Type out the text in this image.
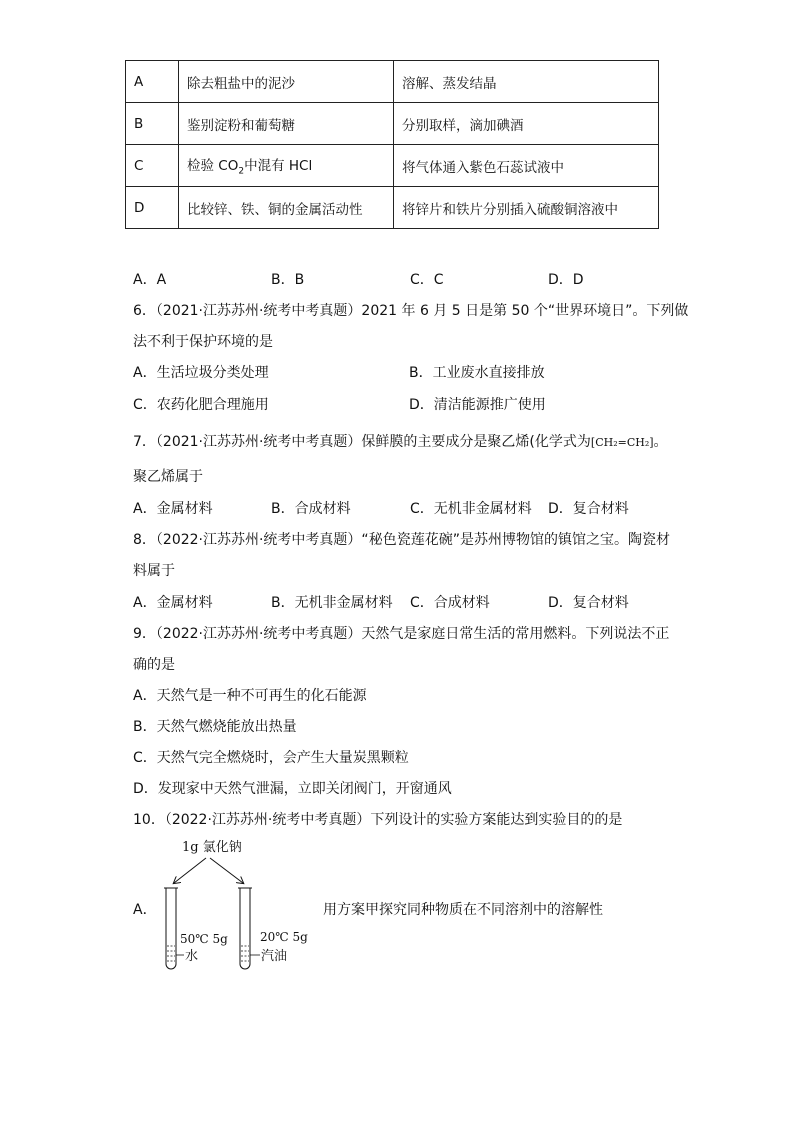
A	除去粗盐中的泥沙	溶解、蒸发结晶
B	鉴别淀粉和葡萄糖	分别取样，滴加碘酒
C	检验 $CO_2$中混有 HCl	将气体通入紫色石蕊试液中
D	比较锌、铁、铜的金属活动性	将锌片和铁片分别插入硫酸铜溶液中
A．A	B．B	C．C	D．D
6．（2021·江苏苏州·统考中考真题）2021 年 6 月 5 日是第 50 个“世界环境日”。下列做
法不利于保护环境的是
A．生活垃圾分类处理	B．工业废水直接排放
C．农药化肥合理施用	D．清洁能源推广使用
7．（2021·江苏苏州·统考中考真题）保鲜膜的主要成分是聚乙烯(化学式为[CH₂=CH₂]。
聚乙烯属于
A．金属材料	B．合成材料	C．无机非金属材料 D．复合材料
8．（2022·江苏苏州·统考中考真题）“秘色瓷莲花碗”是苏州博物馆的镇馆之宝。陶瓷材
料属于
A．金属材料	B．无机非金属材料 C．合成材料	D．复合材料
9．（2022·江苏苏州·统考中考真题）天然气是家庭日常生活的常用燃料。下列说法不正
确的是
A．天然气是一种不可再生的化石能源
B．天然气燃烧能放出热量
C．天然气完全燃烧时，会产生大量炭黑颗粒
D．发现家中天然气泄漏，立即关闭阀门，开窗通风
10．（2022·江苏苏州·统考中考真题）下列设计的实验方案能达到实验目的的是
A．
1g 氯化钠
50℃ 5g
水
20℃ 5g
汽油
用方案甲探究同种物质在不同溶剂中的溶解性
